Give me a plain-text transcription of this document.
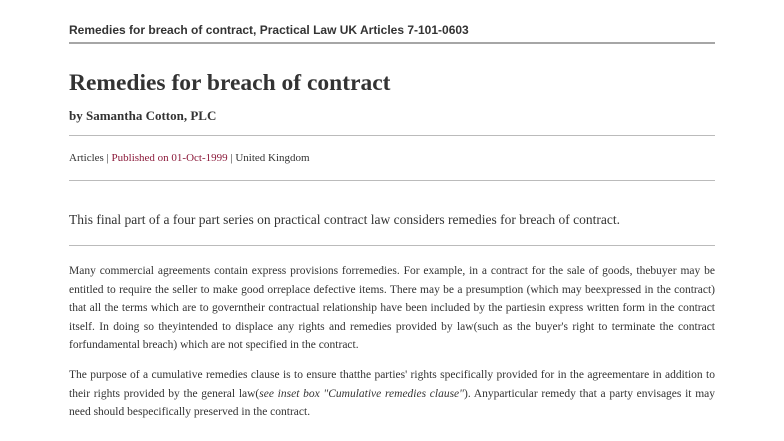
Remedies for breach of contract, Practical Law UK Articles 7-101-0603
Remedies for breach of contract
by Samantha Cotton, PLC
Articles | Published on 01-Oct-1999 | United Kingdom
This final part of a four part series on practical contract law considers remedies for breach of contract.

Many commercial agreements contain express provisions forremedies. For example, in a contract for the sale of goods, thebuyer may be entitled to require the seller to make good orreplace defective items. There may be a presumption (which may beexpressed in the contract) that all the terms which are to governtheir contractual relationship have been included by the partiesin express written form in the contract itself. In doing so theyintended to displace any rights and remedies provided by law(such as the buyer's right to terminate the contract forfundamental breach) which are not specified in the contract.

The purpose of a cumulative remedies clause is to ensure thatthe parties' rights specifically provided for in the agreementare in addition to their rights provided by the general law(see inset box "Cumulative remedies clause"). Anyparticular remedy that a party envisages it may need should bespecifically preserved in the contract.
